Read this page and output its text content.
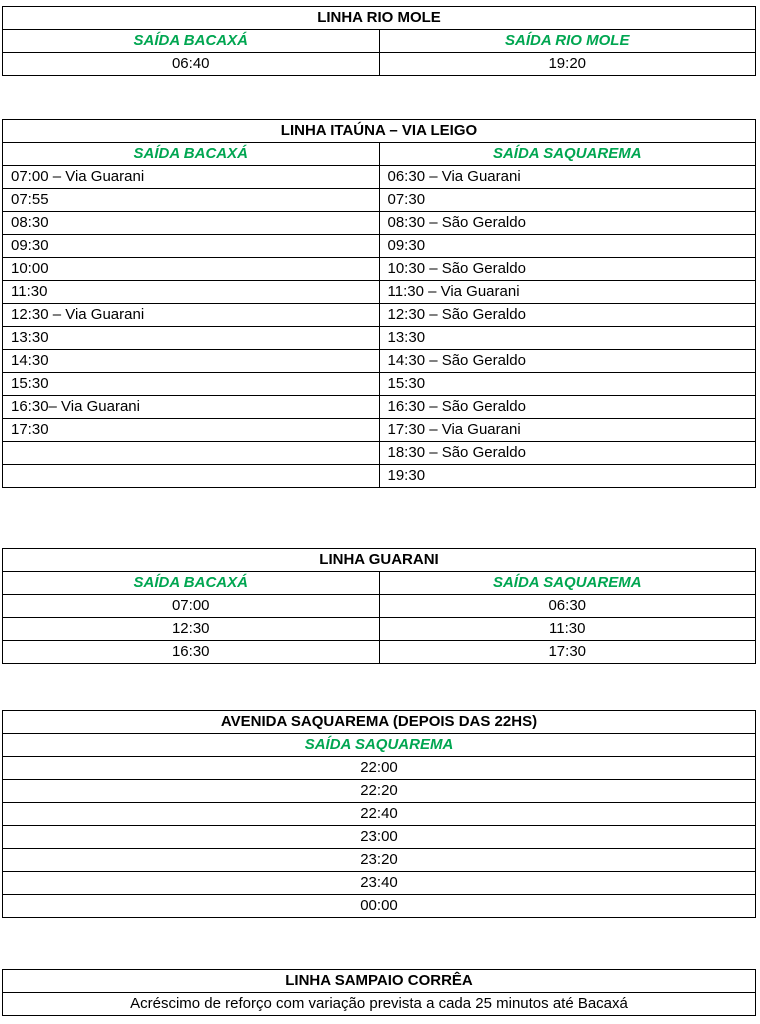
LINHA RIO MOLE	
SAÍDA BACAXÁ	SAÍDA RIO MOLE
06:40	19:20
LINHA ITAÚNA – VIA LEIGO	
SAÍDA BACAXÁ	SAÍDA SAQUAREMA
07:00 – Via Guarani	06:30 – Via Guarani
07:55	07:30
08:30	08:30 – São Geraldo
09:30	09:30
10:00	10:30 – São Geraldo
11:30	11:30 – Via Guarani
12:30 – Via Guarani	12:30 – São Geraldo
13:30	13:30
14:30	14:30 – São Geraldo
15:30	15:30
16:30– Via Guarani	16:30 – São Geraldo
17:30	17:30 – Via Guarani
	18:30 – São Geraldo
	19:30
LINHA GUARANI	
SAÍDA BACAXÁ	SAÍDA SAQUAREMA
07:00	06:30
12:30	11:30
16:30	17:30
AVENIDA SAQUAREMA (DEPOIS DAS 22HS)
SAÍDA SAQUAREMA
22:00
22:20
22:40
23:00
23:20
23:40
00:00
LINHA SAMPAIO CORRÊA
Acréscimo de reforço com variação prevista a cada 25 minutos até Bacaxá
